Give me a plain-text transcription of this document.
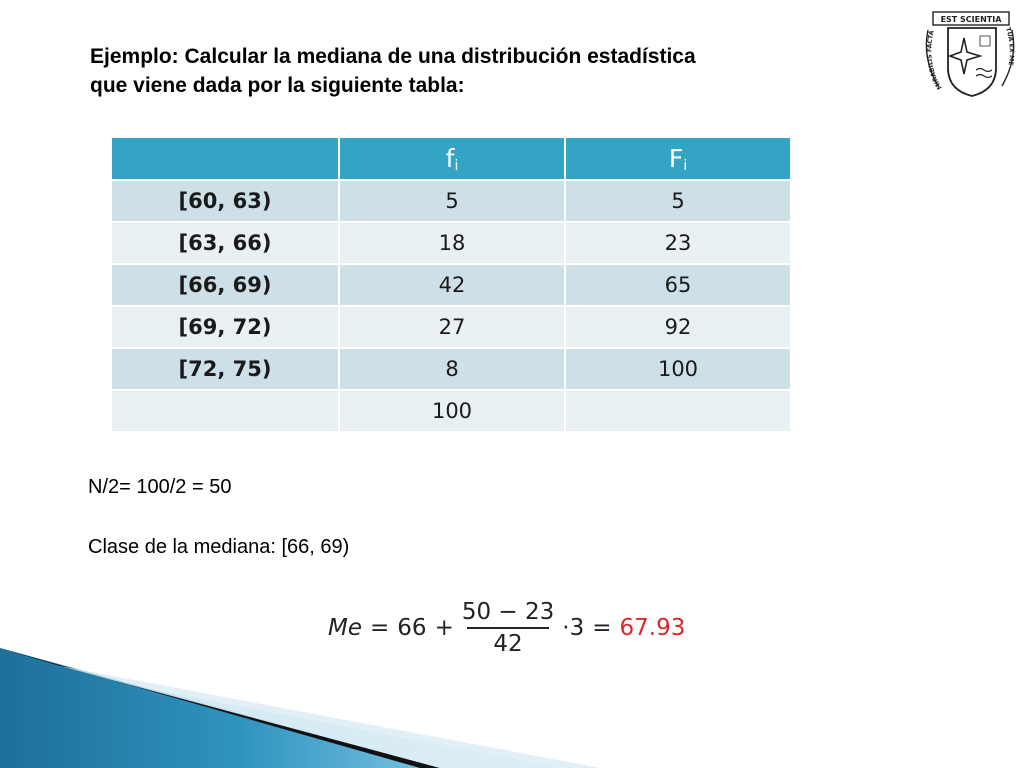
Ejemplo: Calcular la mediana de una distribución estadística
que viene dada por la siguiente tabla:
EST SCIENTIA
MIRABILIS FACTA
TUA EX ME
	$f_i$	$F_i$
[60, 63)	5	5
[63, 66)	18	23
[66, 69)	42	65
[69, 72)	27	92
[72, 75)	8	100
	100	
N/2= 100/2 = 50
Clase de la mediana: [66, 69)
$Me = 66 + \frac{50 - 23}{42} \cdot 3 = 67.93$
